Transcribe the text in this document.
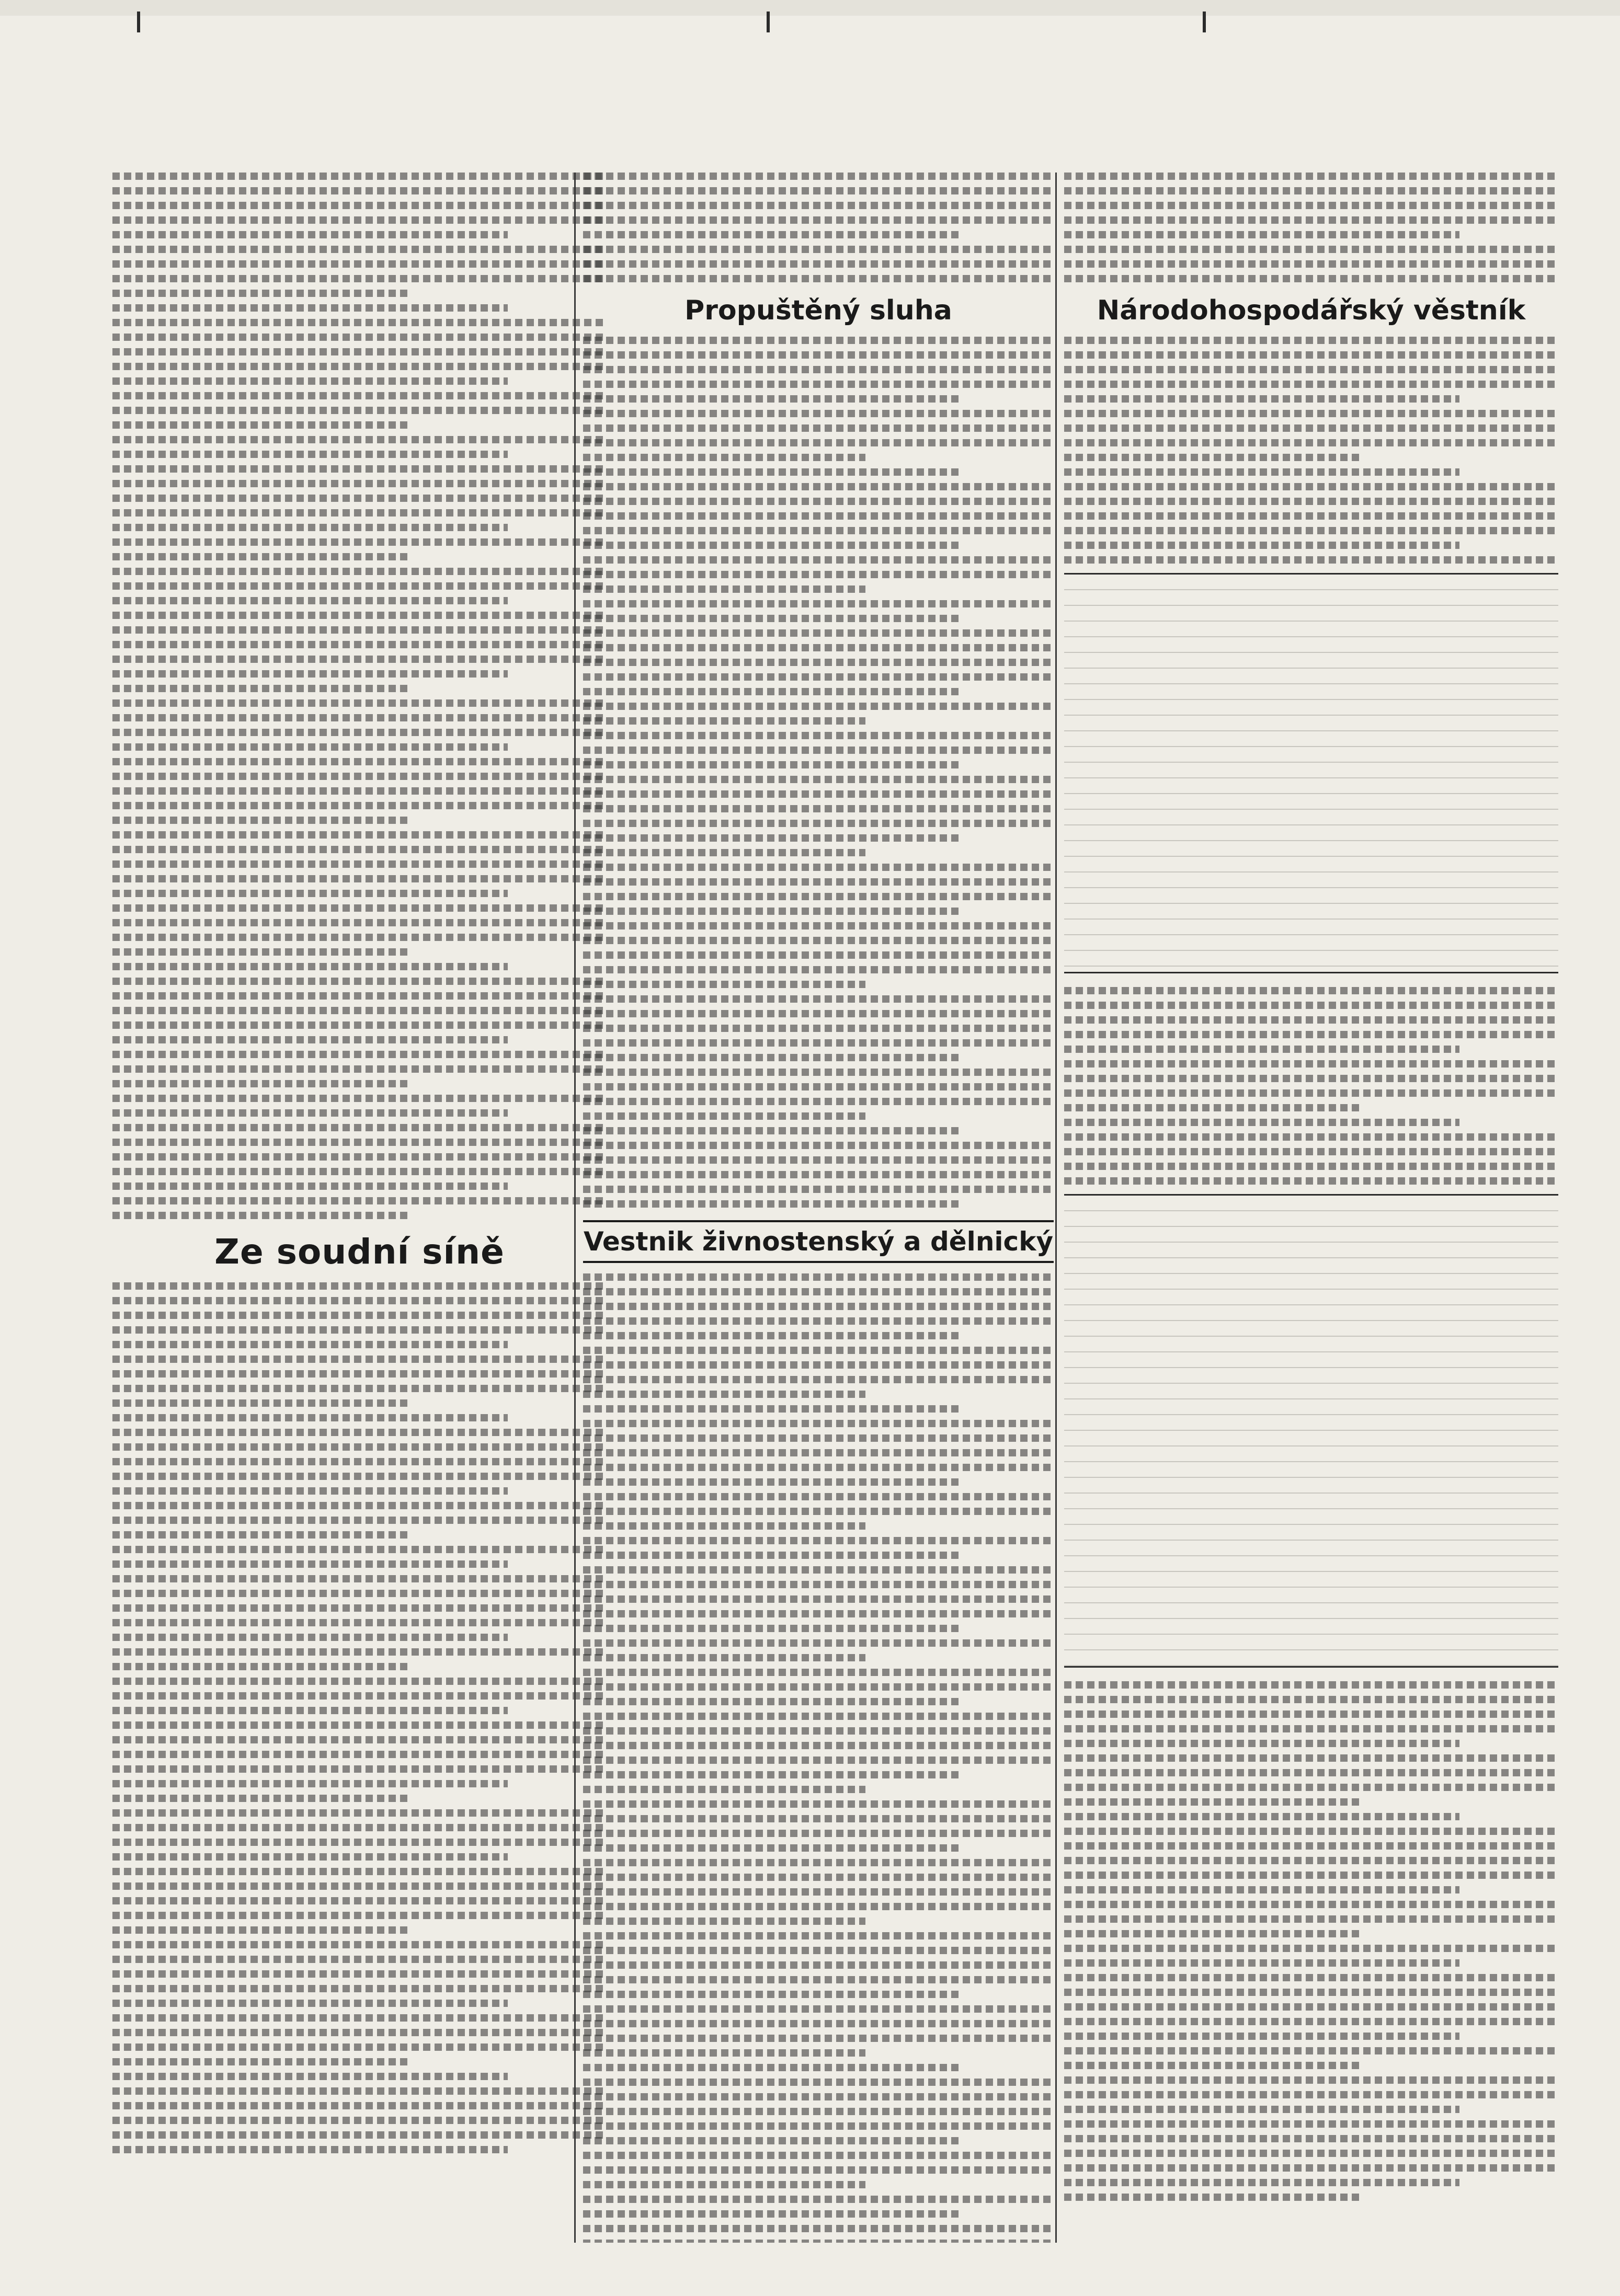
Ze soudní síně
Propuštěný sluha
Vestnik živnostenský a dělnický
Národohospodářský věstník
